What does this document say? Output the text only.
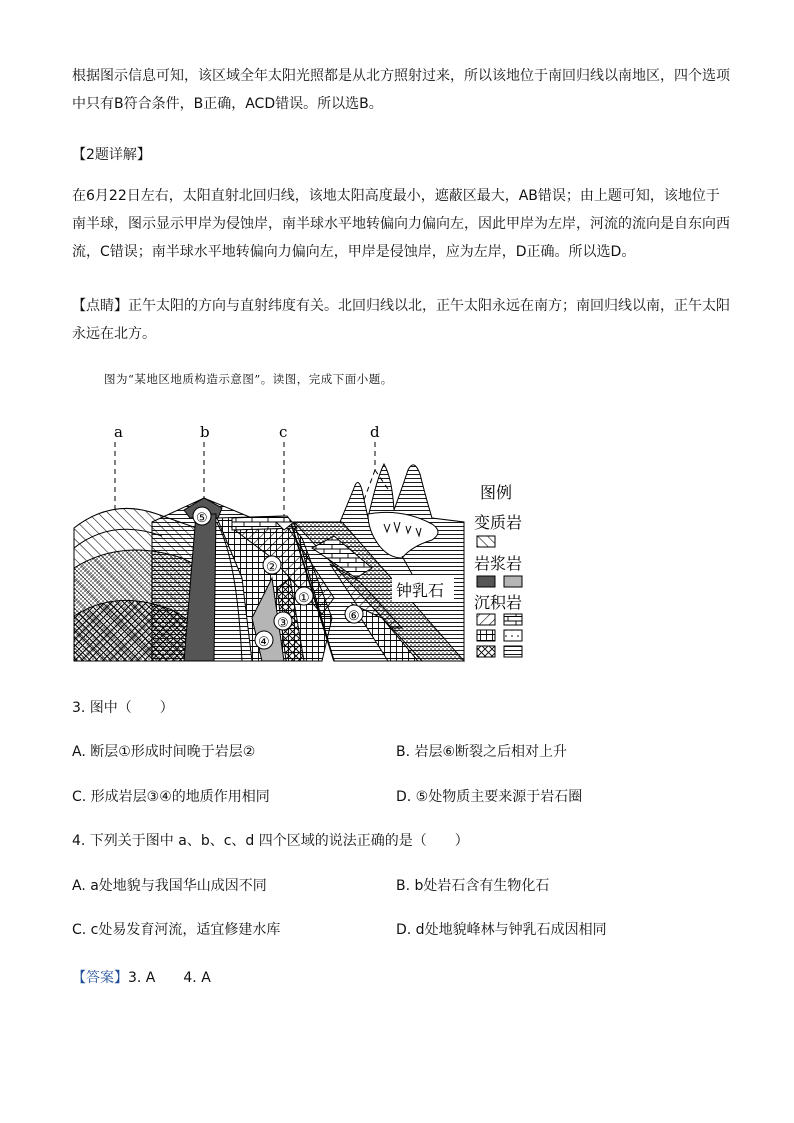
根据图示信息可知，该区域全年太阳光照都是从北方照射过来，所以该地位于南回归线以南地区，四个选项中只有B符合条件，B正确，ACD错误。所以选B。

【2题详解】

在6月22日左右，太阳直射北回归线，该地太阳高度最小，遮蔽区最大，AB错误；由上题可知，该地位于南半球，图示显示甲岸为侵蚀岸，南半球水平地转偏向力偏向左，因此甲岸为左岸，河流的流向是自东向西流，C错误；南半球水平地转偏向力偏向左，甲岸是侵蚀岸，应为左岸，D正确。所以选D。

【点睛】正午太阳的方向与直射纬度有关。北回归线以北，正午太阳永远在南方；南回归线以南，正午太阳永远在北方。

图为“某地区地质构造示意图”。读图，完成下面小题。
a	b	c	d
⑤
②
①
③
④
钟乳石
⑥
图例
变质岩
岩浆岩
沉积岩
3. 图中（　　）
A. 断层①形成时间晚于岩层②	B. 岩层⑥断裂之后相对上升
C. 形成岩层③④的地质作用相同	D. ⑤处物质主要来源于岩石圈
4. 下列关于图中 a、b、c、d 四个区域的说法正确的是（　　）
A. a处地貌与我国华山成因不同	B. b处岩石含有生物化石
C. c处易发育河流，适宜修建水库	D. d处地貌峰林与钟乳石成因相同
【答案】3. A　　4. A
